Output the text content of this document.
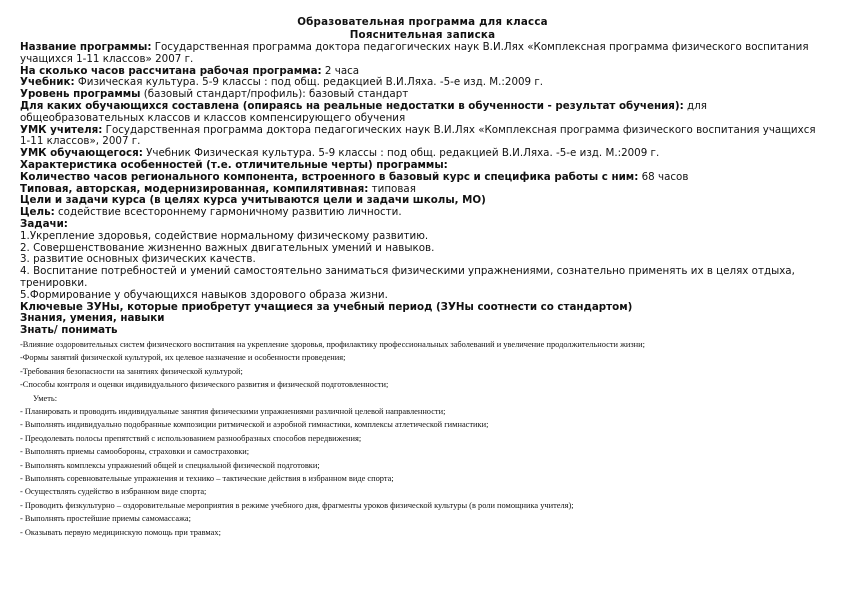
Образовательная программа для класса
Пояснительная записка
Название программы: Государственная программа доктора педагогических наук В.И.Лях «Комплексная программа физического воспитания учащихся 1-11 классов» 2007 г.
На сколько часов рассчитана рабочая программа: 2 часа
Учебник: Физическая культура. 5-9 классы : под общ. редакцией В.И.Ляха. -5-е изд. М.:2009 г.
Уровень программы (базовый стандарт/профиль): базовый стандарт
Для каких обучающихся составлена (опираясь на реальные недостатки в обученности - результат обучения): для общеобразовательных классов и классов компенсирующего обучения
УМК учителя: Государственная программа доктора педагогических наук В.И.Лях «Комплексная программа физического воспитания учащихся 1-11 классов», 2007 г.
УМК обучающегося: Учебник Физическая культура. 5-9 классы : под общ. редакцией В.И.Ляха. -5-е изд. М.:2009 г.
Характеристика особенностей (т.е. отличительные черты) программы:
Количество часов регионального компонента, встроенного в базовый курс и специфика работы с ним: 68 часов
Типовая, авторская, модернизированная, компилятивная: типовая
Цели и задачи курса (в целях курса учитываются цели и задачи школы, МО)
Цель: содействие всестороннему гармоничному развитию личности.
Задачи:
1.Укрепление здоровья, содействие нормальному физическому развитию.
2. Совершенствование жизненно важных двигательных умений и навыков.
3. развитие основных физических качеств.
4. Воспитание потребностей и умений самостоятельно заниматься физическими упражнениями, сознательно применять их в целях отдыха, тренировки.
5.Формирование у обучающихся навыков здорового образа жизни.
Ключевые ЗУНы, которые приобретут учащиеся за учебный период (ЗУНы соотнести со стандартом)
Знания, умения, навыки
Знать/ понимать
-Влияние оздоровительных систем физического воспитания на укрепление здоровья, профилактику профессиональных заболеваний и увеличение продолжительности жизни;
-Формы занятий физической культурой, их целевое назначение и особенности проведения;
-Требования безопасности на занятиях физической культурой;
-Способы контроля и оценки индивидуального физического развития и физической подготовленности;
Уметь:
- Планировать и проводить индивидуальные занятия физическими упражнениями различной целевой направленности;
- Выполнять индивидуально подобранные композиции ритмической и аэробной гимнастики, комплексы атлетической гимнастики;
- Преодолевать полосы препятствий с использованием разнообразных способов передвижения;
- Выполнять приемы самообороны, страховки и самостраховки;
- Выполнять комплексы упражнений общей и специальной физической подготовки;
- Выполнять соревновательные упражнения и технико – тактические действия в избранном виде спорта;
- Осуществлять судейство в избранном виде спорта;
- Проводить физкультурно – оздоровительные мероприятия в режиме учебного дня, фрагменты уроков физической культуры (в роли помощника учителя);
- Выполнять простейшие приемы самомассажа;
- Оказывать первую медицинскую помощь при травмах;
